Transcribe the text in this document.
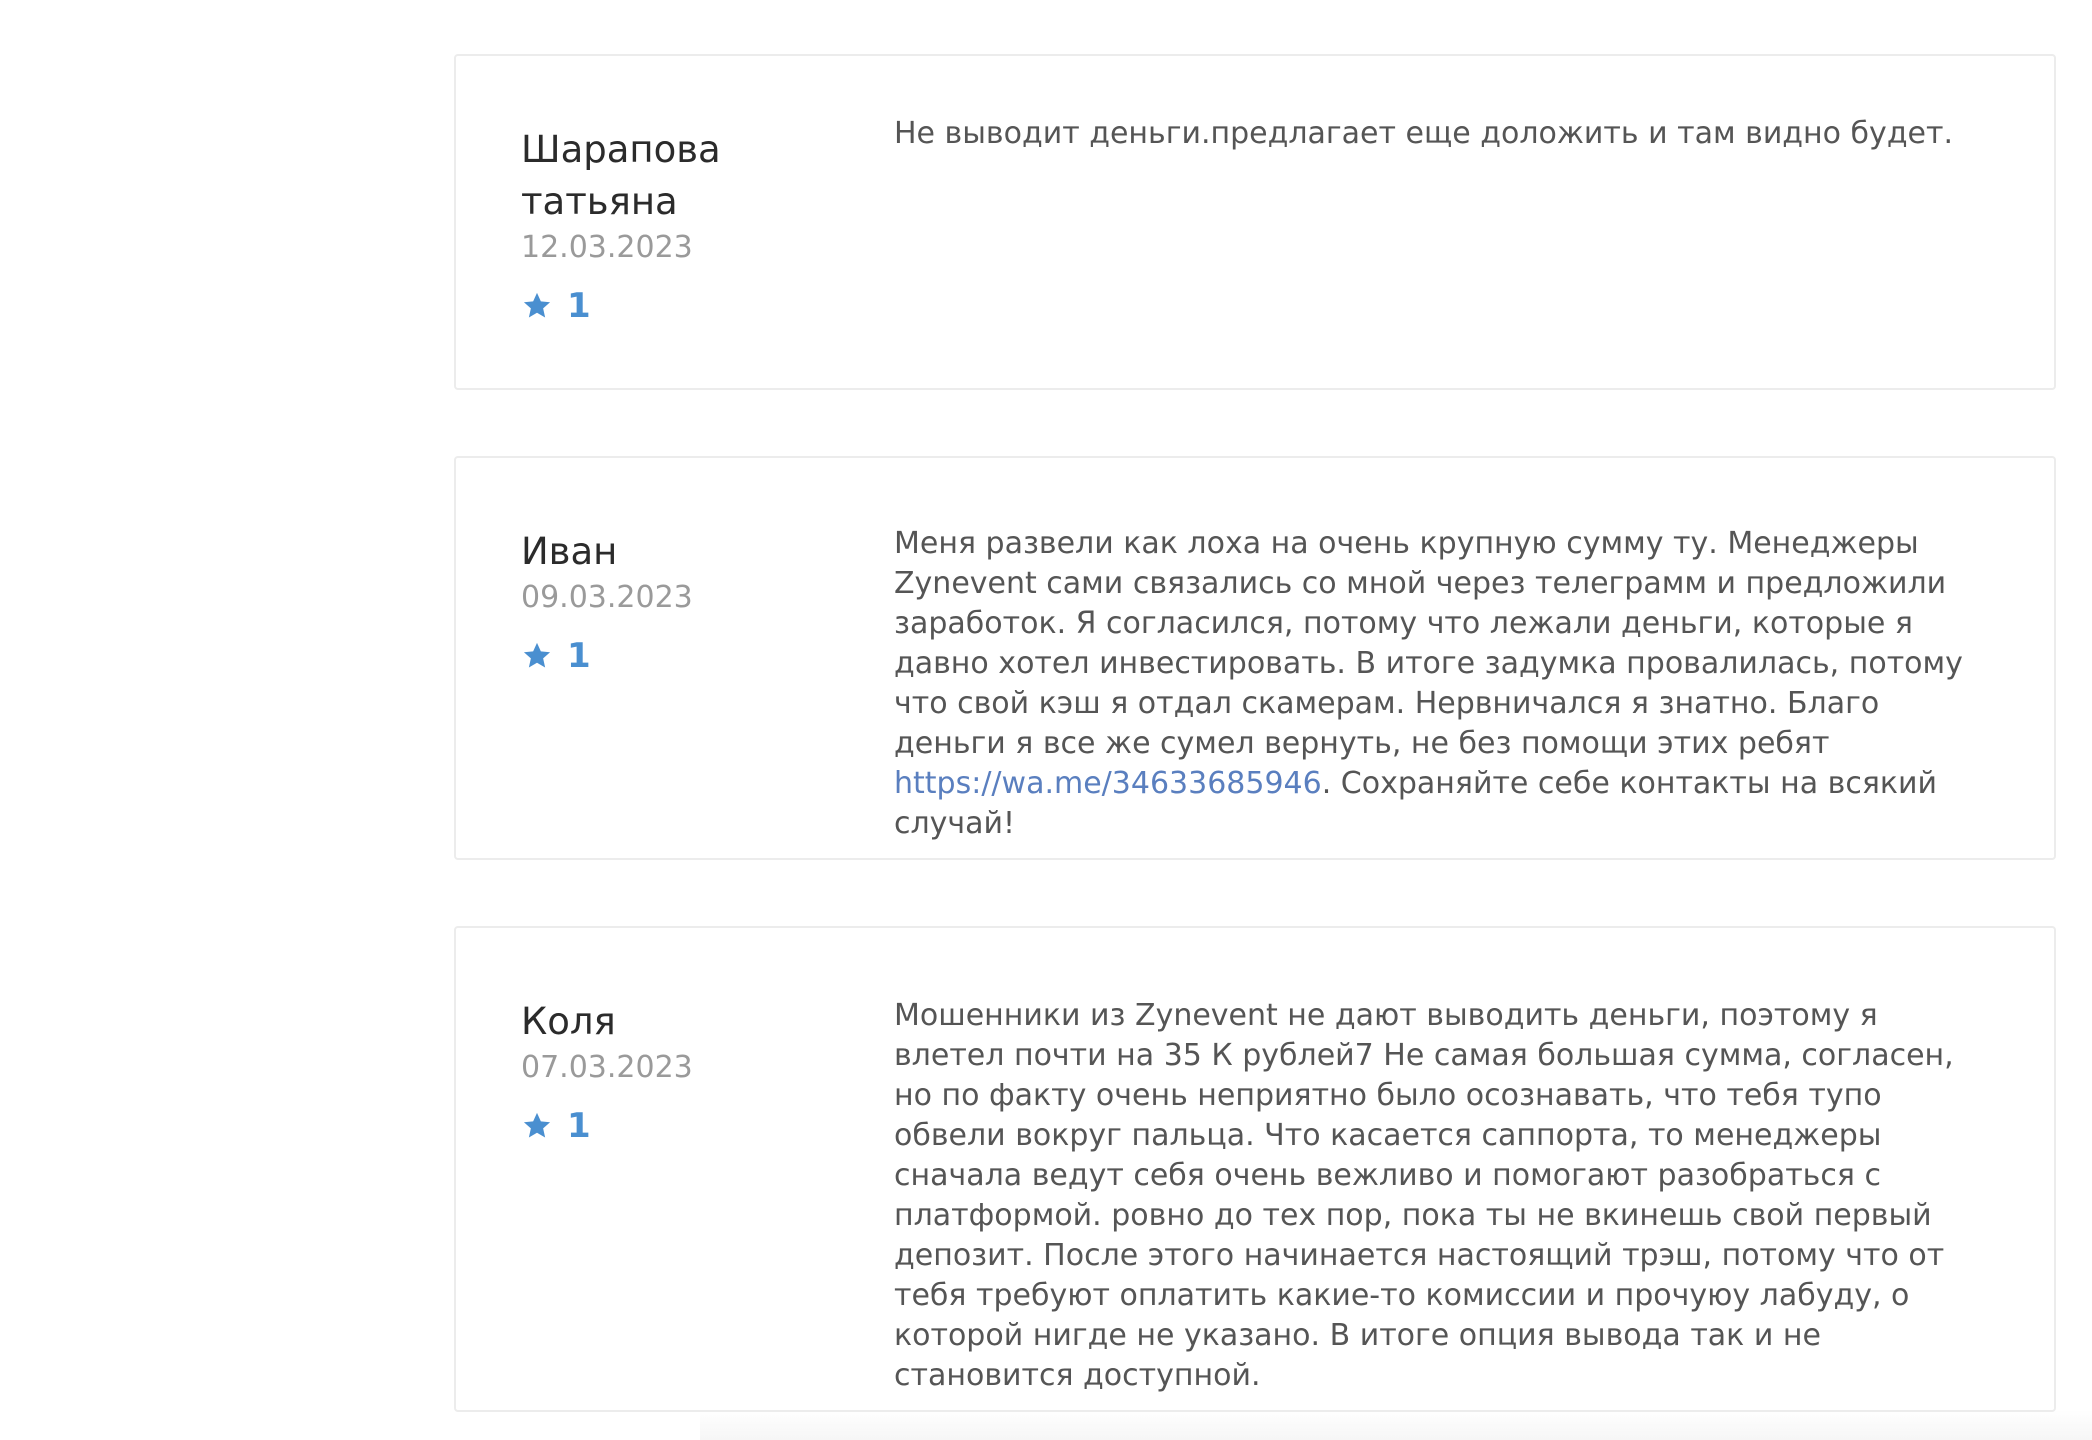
Шарапова татьяна
12.03.2023
1

Не выводит деньги.предлагает еще доложить и там видно будет.

Иван
09.03.2023
1

Меня развели как лоха на очень крупную сумму ту. Менеджеры Zynevent сами связались со мной через телеграмм и предложили заработок. Я согласился, потому что лежали деньги, которые я давно хотел инвестировать. В итоге задумка провалилась, потому что свой кэш я отдал скамерам. Нервничался я знатно. Благо деньги я все же сумел вернуть, не без помощи этих ребят https://wa.me/34633685946. Сохраняйте себе контакты на всякий случай!

Коля
07.03.2023
1

Мошенники из Zynevent не дают выводить деньги, поэтому я влетел почти на 35 К рублей7 Не самая большая сумма, согласен, но по факту очень неприятно было осознавать, что тебя тупо обвели вокруг пальца. Что касается саппорта, то менеджеры сначала ведут себя очень вежливо и помогают разобраться с платформой. ровно до тех пор, пока ты не вкинешь свой первый депозит. После этого начинается настоящий трэш, потому что от тебя требуют оплатить какие-то комиссии и прочуюу лабуду, о которой нигде не указано. В итоге опция вывода так и не становится доступной.
